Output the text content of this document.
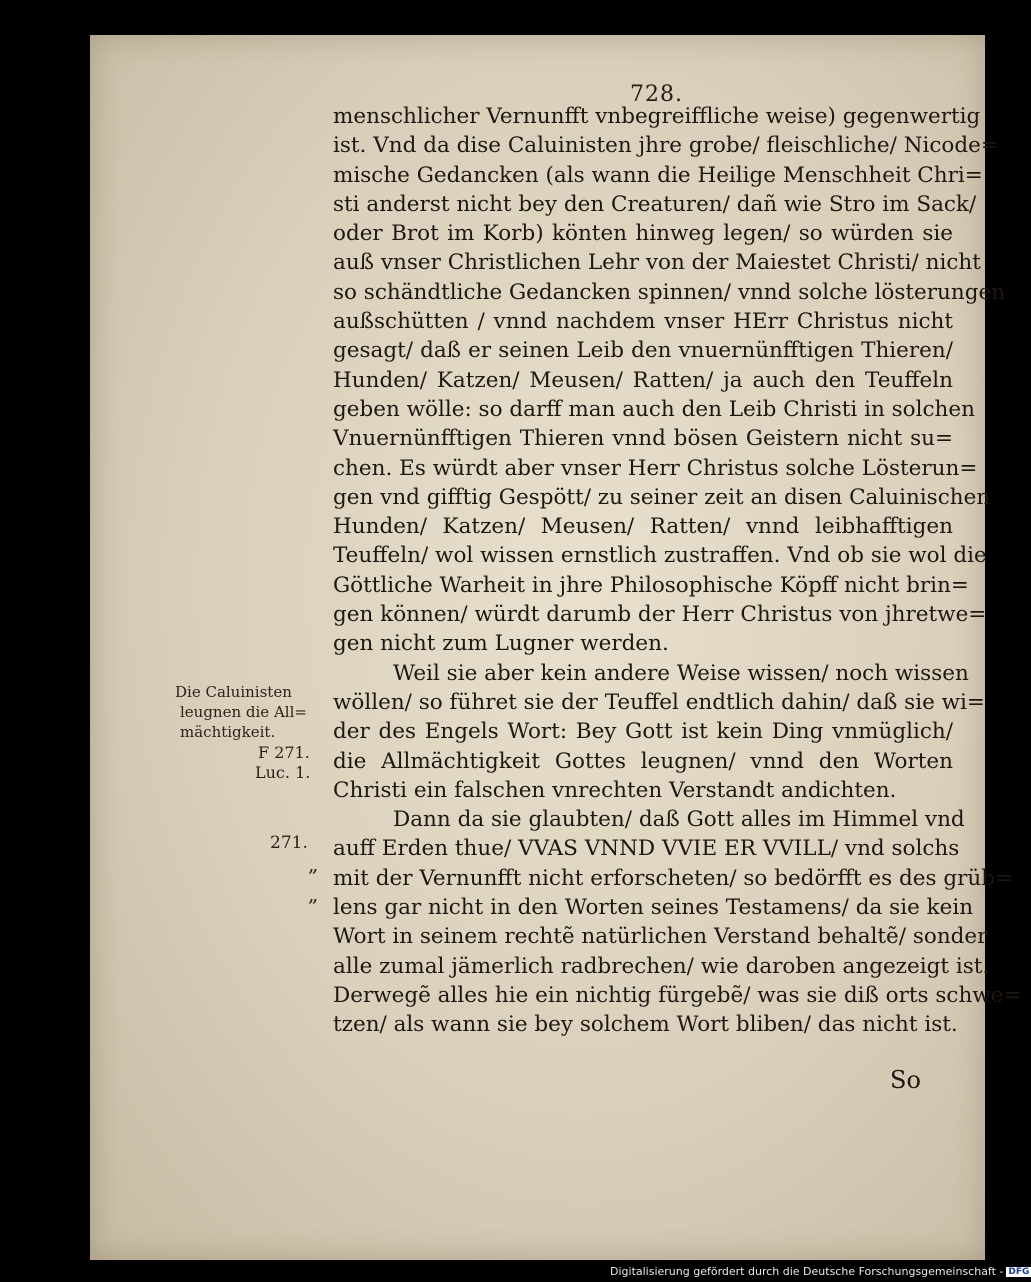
728.
menschlicher Vernunfft vnbegreiffliche weise) gegenwertig
ist. Vnd da dise Caluinisten jhre grobe/ fleischliche/ Nicode=
mische Gedancken (als wann die Heilige Menschheit Chri=
sti anderst nicht bey den Creaturen/ dañ wie Stro im Sack/
oder Brot im Korb) könten hinweg legen/ so würden sie
auß vnser Christlichen Lehr von der Maiestet Christi/ nicht
so schändtliche Gedancken spinnen/ vnnd solche lösterungen
außschütten / vnnd nachdem vnser HErr Christus nicht
gesagt/ daß er seinen Leib den vnuernünfftigen Thieren/
Hunden/ Katzen/ Meusen/ Ratten/ ja auch den Teuffeln
geben wölle: so darff man auch den Leib Christi in solchen
Vnuernünfftigen Thieren vnnd bösen Geistern nicht su=
chen. Es würdt aber vnser Herr Christus solche Lösterun=
gen vnd gifftig Gespött/ zu seiner zeit an disen Caluinischen
Hunden/ Katzen/ Meusen/ Ratten/ vnnd leibhafftigen
Teuffeln/ wol wissen ernstlich zustraffen. Vnd ob sie wol die
Göttliche Warheit in jhre Philosophische Köpff nicht brin=
gen können/ würdt darumb der Herr Christus von jhretwe=
gen nicht zum Lugner werden.
Weil sie aber kein andere Weise wissen/ noch wissen
wöllen/ so führet sie der Teuffel endtlich dahin/ daß sie wi=
der des Engels Wort: Bey Gott ist kein Ding vnmüglich/
die Allmächtigkeit Gottes leugnen/ vnnd den Worten
Christi ein falschen vnrechten Verstandt andichten.
Dann da sie glaubten/ daß Gott alles im Himmel vnd
auff Erden thue/ VVAS VNND VVIE ER VVILL/ vnd solchs
mit der Vernunfft nicht erforscheten/ so bedörfft es des grüb=
lens gar nicht in den Worten seines Testamens/ da sie kein
Wort in seinem rechtẽ natürlichen Verstand behaltẽ/ sonder
alle zumal jämerlich radbrechen/ wie daroben angezeigt ist.
Derwegẽ alles hie ein nichtig fürgebẽ/ was sie diß orts schwe=
tzen/ als wann sie bey solchem Wort bliben/ das nicht ist.
Die Caluinisten
leugnen die All=
mächtigkeit.
F 271.
Luc. 1.
271.
„
„
So
Digitalisierung gefördert durch die Deutsche Forschungsgemeinschaft - DFG
